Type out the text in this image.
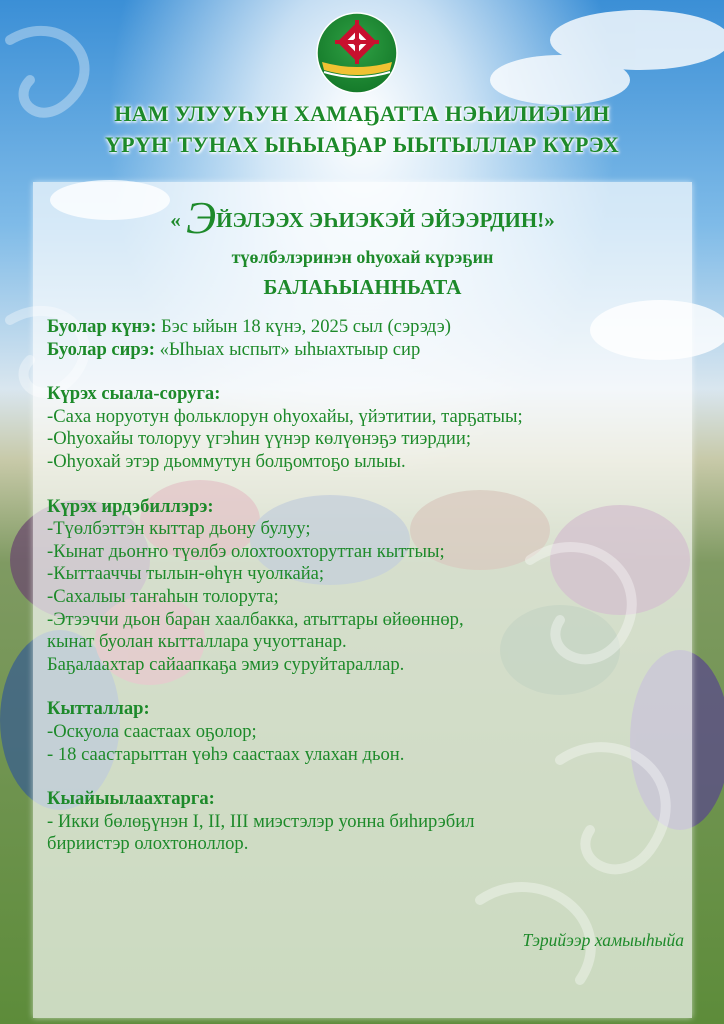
НАМ УЛУУҺУН ХАМАҔАТТА НЭҺИЛИЭГИН
ҮРҮҤ ТУНАХ ЫҺЫАҔАР ЫЫТЫЛЛАР КҮРЭХ
« ЭЙЭЛЭЭХ ЭҺИЭКЭЙ ЭЙЭЭРДИН!»
түөлбэлэринэн оһуохай күрэҕин
БАЛАҺЫАННЬАТА

Буолар күнэ: Бэс ыйын 18 күнэ, 2025 сыл (сэрэдэ)

Буолар сирэ: «Ыһыах ыспыт» ыһыахтыыр сир

Күрэх сыала-соруга:

-Саха норуотун фольклорун оһуохайы, үйэтитии, тарҕатыы;

-Оһуохайы толоруу үгэһин үүнэр көлүөнэҕэ тиэрдии;

-Оһуохай этэр дьоммутун болҕомтоҕо ылыы.

Күрэх ирдэбиллэрэ:

-Түөлбэттэн кыттар дьону булуу;

-Кынат дьоҥҥо түөлбэ олохтоохторуттан кыттыы;

-Кыттааччы тылын-өһүн чуолкайа;

-Сахалыы таҥаһын толорута;

-Этээччи дьон баран хаалбакка, атыттары өйөөннөр,

кынат буолан кытталлара учуоттанар.

Баҕалаахтар сайаапкаҕа эмиэ суруйтараллар.

Кытталлар:

-Оскуола саастаах оҕолор;

- 18 саастарыттан үөһэ саастаах улахан дьон.

Кыайыылаахтарга:

- Икки бөлөҕүнэн I, II, III миэстэлэр уонна биһирэбил

бириистэр олохтоноллор.

Тэрийээр хамыыһыйа
